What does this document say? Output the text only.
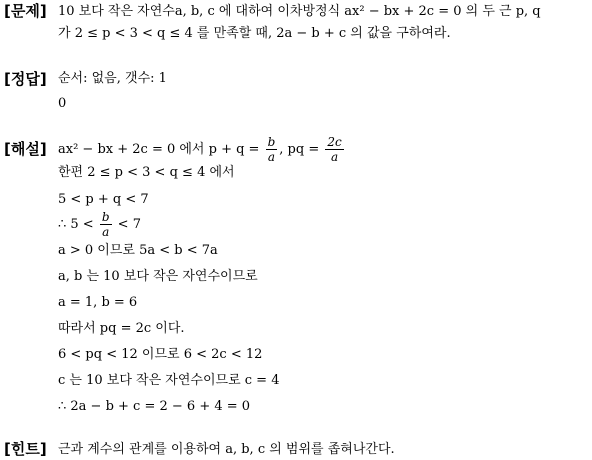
[문제] 10 보다 작은 자연수a, b, c 에 대하여 이차방정식 ax² − bx + 2c = 0 의 두 근 p, q
가 2 ≤ p < 3 < q ≤ 4 를 만족할 때, 2a − b + c 의 값을 구하여라.
[정답] 순서: 없음, 갯수: 1
0
[해설] ax² − bx + 2c = 0 에서 $p + q = \frac{b}{a}$ , pq = $\frac{2c}{a}$
한편 2 ≤ p < 3 < q ≤ 4 에서
5 < p + q < 7
∴ $5 < \frac{b}{a} < 7$
a > 0 이므로 5a < b < 7a
a, b 는 10 보다 작은 자연수이므로
a = 1, b = 6
따라서 pq = 2c 이다.
6 < pq < 12 이므로 6 < 2c < 12
c 는 10 보다 작은 자연수이므로 c = 4
∴ 2a − b + c = 2 − 6 + 4 = 0
[힌트] 근과 계수의 관계를 이용하여 a, b, c 의 범위를 좁혀나간다.
